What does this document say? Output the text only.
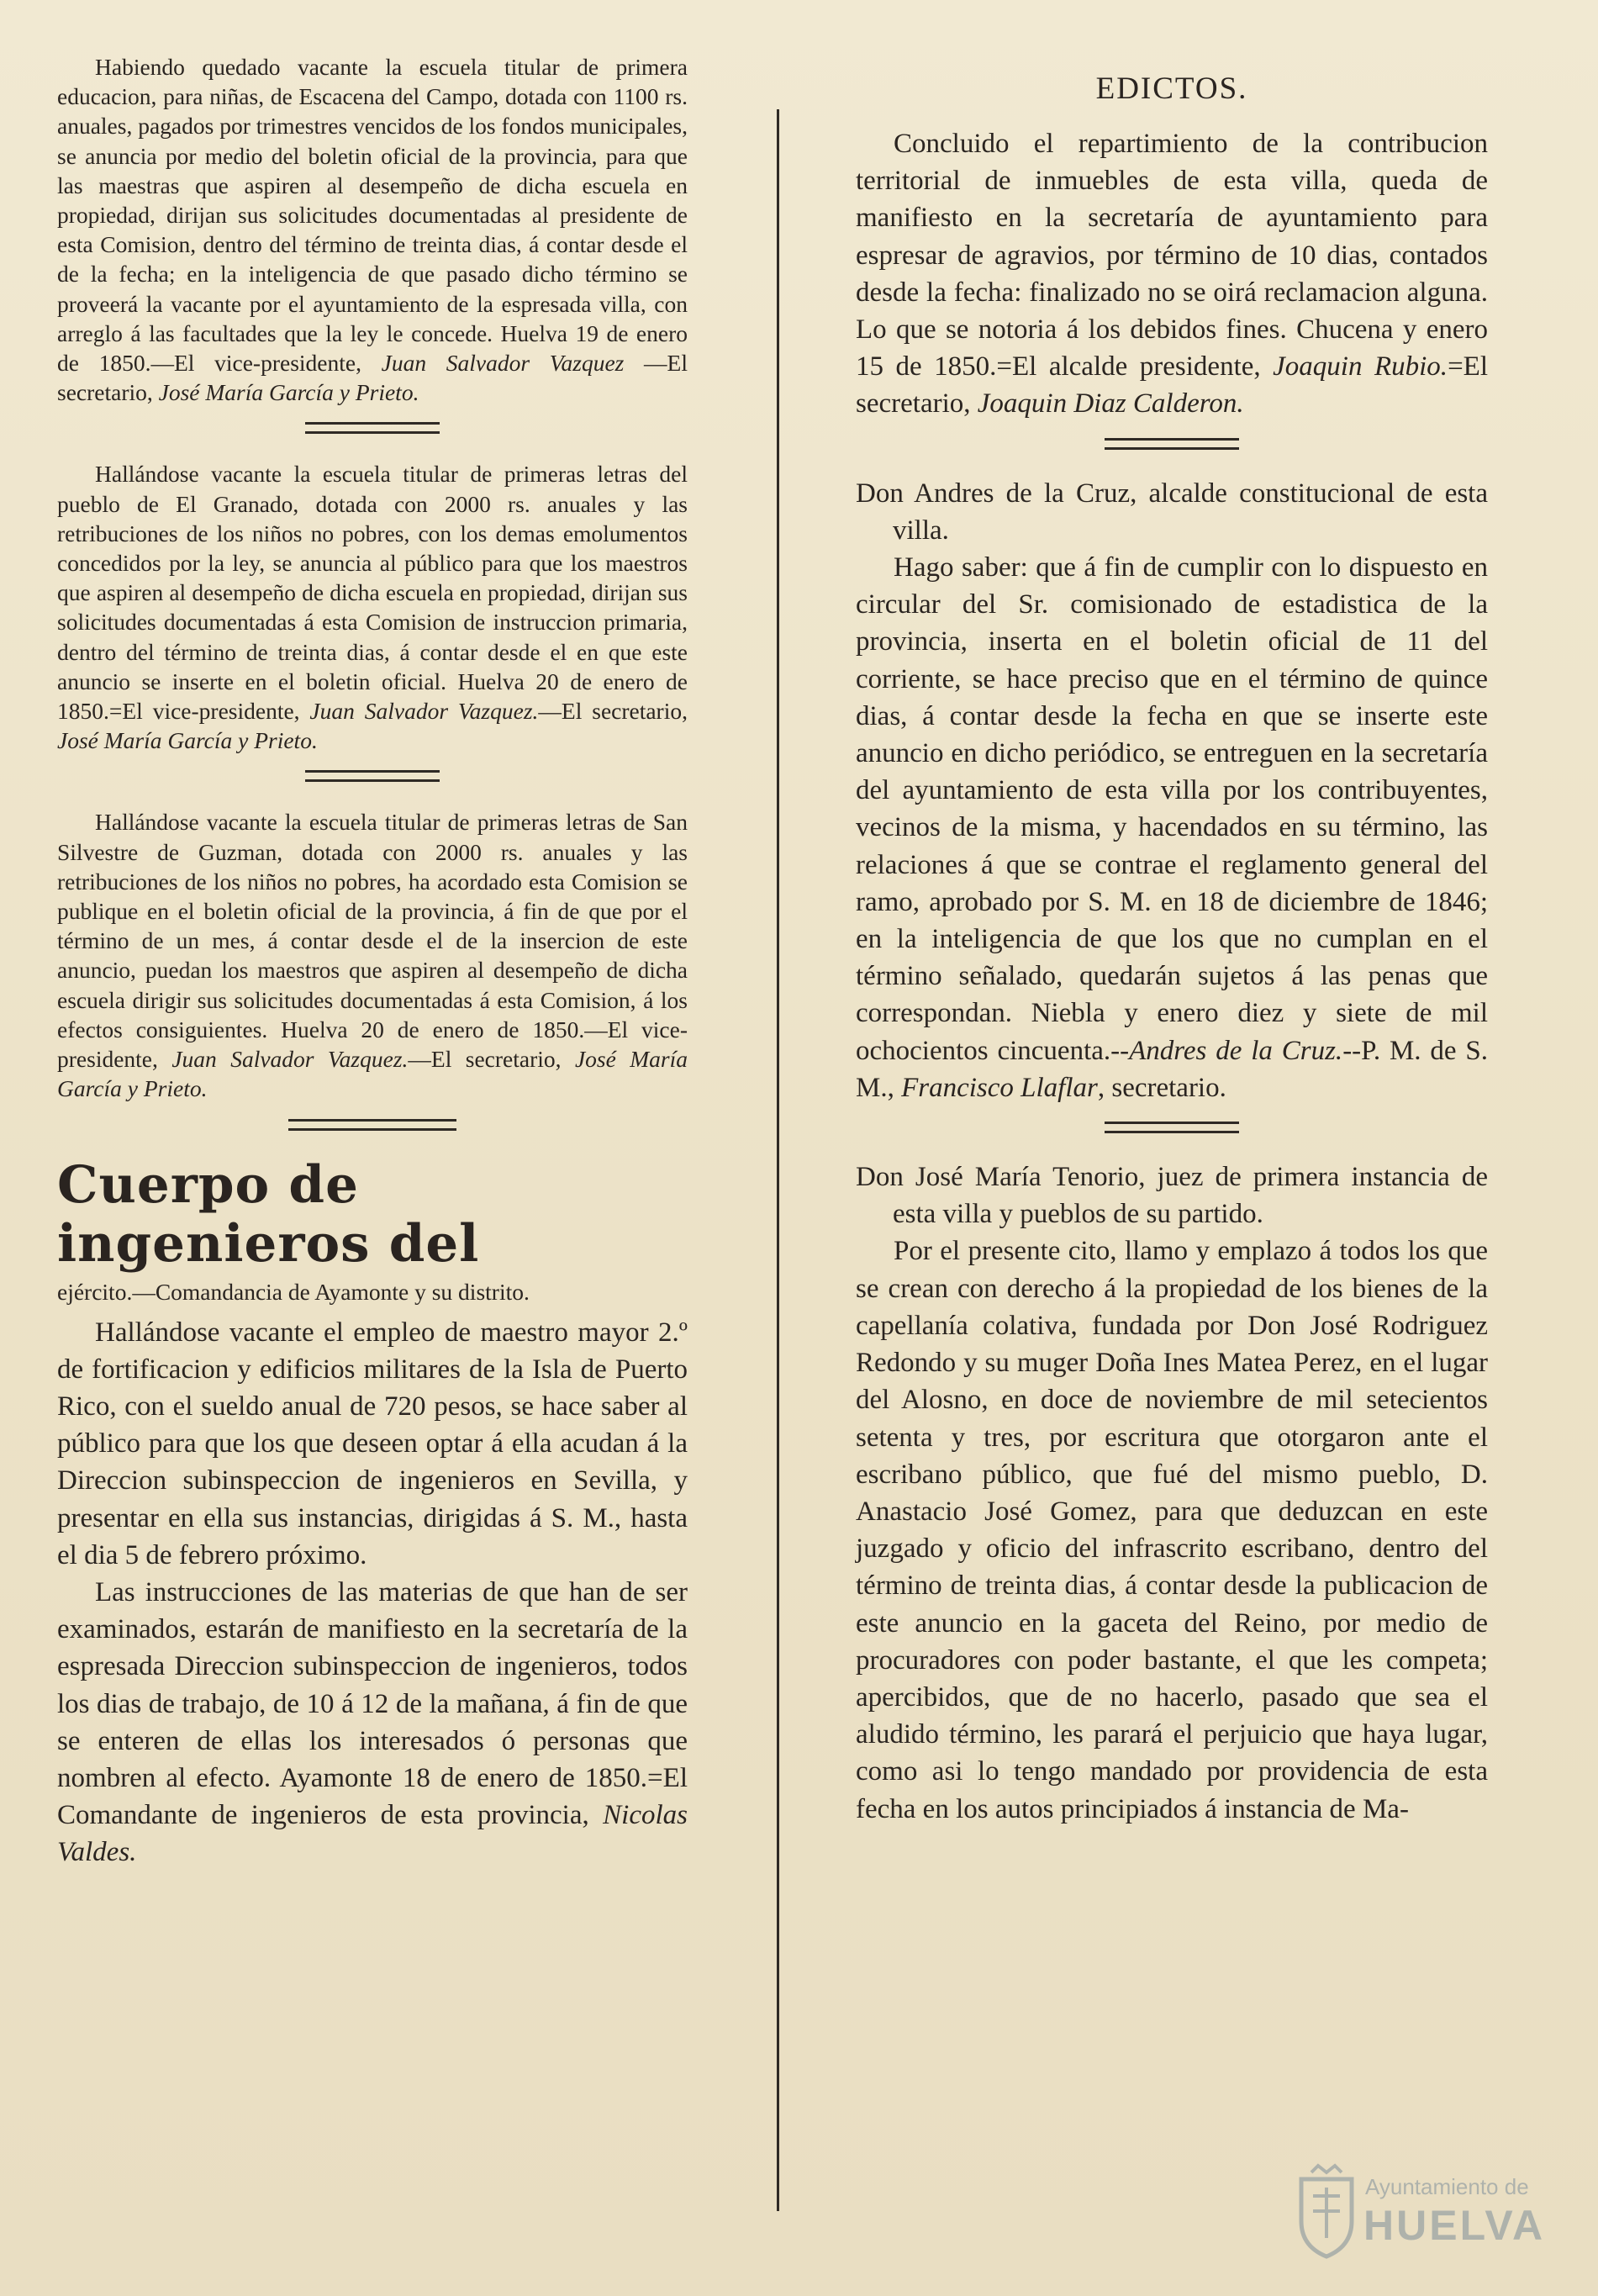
Habiendo quedado vacante la escuela titular de primera educacion, para niñas, de Escacena del Campo, dotada con 1100 rs. anuales, pagados por trimestres vencidos de los fondos municipales, se anuncia por medio del boletin oficial de la provincia, para que las maestras que aspiren al desempeño de dicha escuela en propiedad, dirijan sus solicitudes documentadas al presidente de esta Comision, dentro del término de treinta dias, á contar desde el de la fecha; en la inteligencia de que pasado dicho término se proveerá la vacante por el ayuntamiento de la espresada villa, con arreglo á las facultades que la ley le concede. Huelva 19 de enero de 1850.—El vice-presidente, Juan Salvador Vazquez —El secretario, José María García y Prieto.

Hallándose vacante la escuela titular de primeras letras del pueblo de El Granado, dotada con 2000 rs. anuales y las retribuciones de los niños no pobres, con los demas emolumentos concedidos por la ley, se anuncia al público para que los maestros que aspiren al desempeño de dicha escuela en propiedad, dirijan sus solicitudes documentadas á esta Comision de instruccion primaria, dentro del término de treinta dias, á contar desde el en que este anuncio se inserte en el boletin oficial. Huelva 20 de enero de 1850.=El vice-presidente, Juan Salvador Vazquez.—El secretario, José María García y Prieto.

Hallándose vacante la escuela titular de primeras letras de San Silvestre de Guzman, dotada con 2000 rs. anuales y las retribuciones de los niños no pobres, ha acordado esta Comision se publique en el boletin oficial de la provincia, á fin de que por el término de un mes, á contar desde el de la insercion de este anuncio, puedan los maestros que aspiren al desempeño de dicha escuela dirigir sus solicitudes documentadas á esta Comision, á los efectos consiguientes. Huelva 20 de enero de 1850.—El vice-presidente, Juan Salvador Vazquez.—El secretario, José María García y Prieto.

Cuerpo de ingenieros del

ejército.—Comandancia de Ayamonte y su distrito.

Hallándose vacante el empleo de maestro mayor 2.º de fortificacion y edificios militares de la Isla de Puerto Rico, con el sueldo anual de 720 pesos, se hace saber al público para que los que deseen optar á ella acudan á la Direccion subinspeccion de ingenieros en Sevilla, y presentar en ella sus instancias, dirigidas á S. M., hasta el dia 5 de febrero próximo.

Las instrucciones de las materias de que han de ser examinados, estarán de manifiesto en la secretaría de la espresada Direccion subinspeccion de ingenieros, todos los dias de trabajo, de 10 á 12 de la mañana, á fin de que se enteren de ellas los interesados ó personas que nombren al efecto. Ayamonte 18 de enero de 1850.=El Comandante de ingenieros de esta provincia, Nicolas Valdes.

EDICTOS.

Concluido el repartimiento de la contribucion territorial de inmuebles de esta villa, queda de manifiesto en la secretaría de ayuntamiento para espresar de agravios, por término de 10 dias, contados desde la fecha: finalizado no se oirá reclamacion alguna. Lo que se notoria á los debidos fines. Chucena y enero 15 de 1850.=El alcalde presidente, Joaquin Rubio.=El secretario, Joaquin Diaz Calderon.

Don Andres de la Cruz, alcalde constitucional de esta villa.

Hago saber: que á fin de cumplir con lo dispuesto en circular del Sr. comisionado de estadistica de la provincia, inserta en el boletin oficial de 11 del corriente, se hace preciso que en el término de quince dias, á contar desde la fecha en que se inserte este anuncio en dicho periódico, se entreguen en la secretaría del ayuntamiento de esta villa por los contribuyentes, vecinos de la misma, y hacendados en su término, las relaciones á que se contrae el reglamento general del ramo, aprobado por S. M. en 18 de diciembre de 1846; en la inteligencia de que los que no cumplan en el término señalado, quedarán sujetos á las penas que correspondan. Niebla y enero diez y siete de mil ochocientos cincuenta.--Andres de la Cruz.--P. M. de S. M., Francisco Llaflar, secretario.

Don José María Tenorio, juez de primera instancia de esta villa y pueblos de su partido.

Por el presente cito, llamo y emplazo á todos los que se crean con derecho á la propiedad de los bienes de la capellanía colativa, fundada por Don José Rodriguez Redondo y su muger Doña Ines Matea Perez, en el lugar del Alosno, en doce de noviembre de mil setecientos setenta y tres, por escritura que otorgaron ante el escribano público, que fué del mismo pueblo, D. Anastacio José Gomez, para que deduzcan en este juzgado y oficio del infrascrito escribano, dentro del término de treinta dias, á contar desde la publicacion de este anuncio en la gaceta del Reino, por medio de procuradores con poder bastante, el que les competa; apercibidos, que de no hacerlo, pasado que sea el aludido término, les parará el perjuicio que haya lugar, como asi lo tengo mandado por providencia de esta fecha en los autos principiados á instancia de Ma-

Ayuntamiento de
HUELVA
